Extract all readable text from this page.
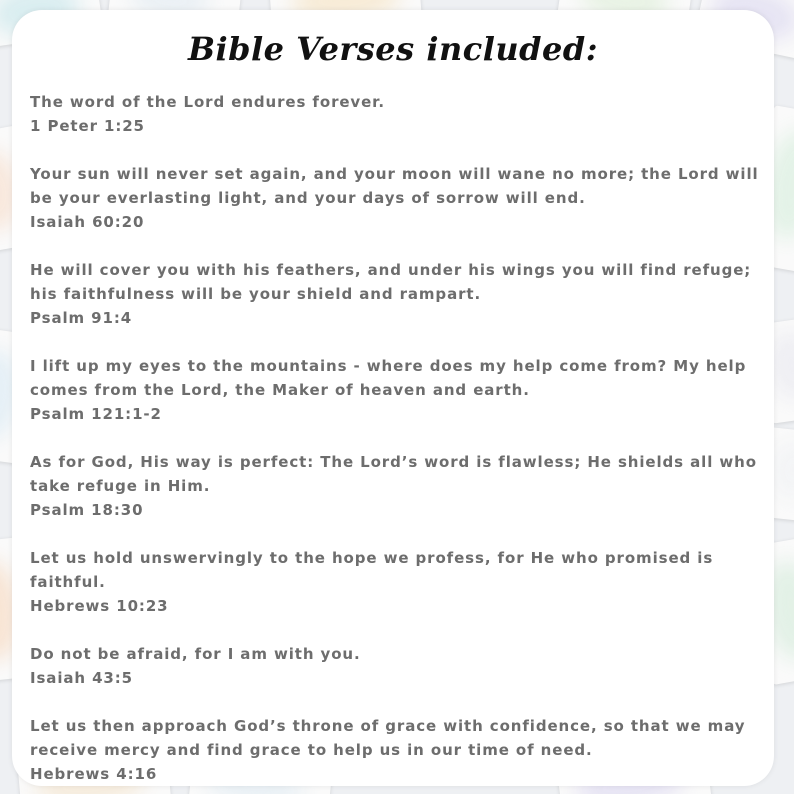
Bible Verses included:
The word of the Lord endures forever.
1 Peter 1:25
Your sun will never set again, and your moon will wane no more; the Lord will be your everlasting light, and your days of sorrow will end.
Isaiah 60:20
He will cover you with his feathers, and under his wings you will find refuge; his faithfulness will be your shield and rampart.
Psalm 91:4
I lift up my eyes to the mountains - where does my help come from? My help comes from the Lord, the Maker of heaven and earth.
Psalm 121:1-2
As for God, His way is perfect: The Lord’s word is flawless; He shields all who take refuge in Him.
Psalm 18:30
Let us hold unswervingly to the hope we profess, for He who promised is faithful.
Hebrews 10:23
Do not be afraid, for I am with you.
Isaiah 43:5
Let us then approach God’s throne of grace with confidence, so that we may receive mercy and find grace to help us in our time of need.
Hebrews 4:16
